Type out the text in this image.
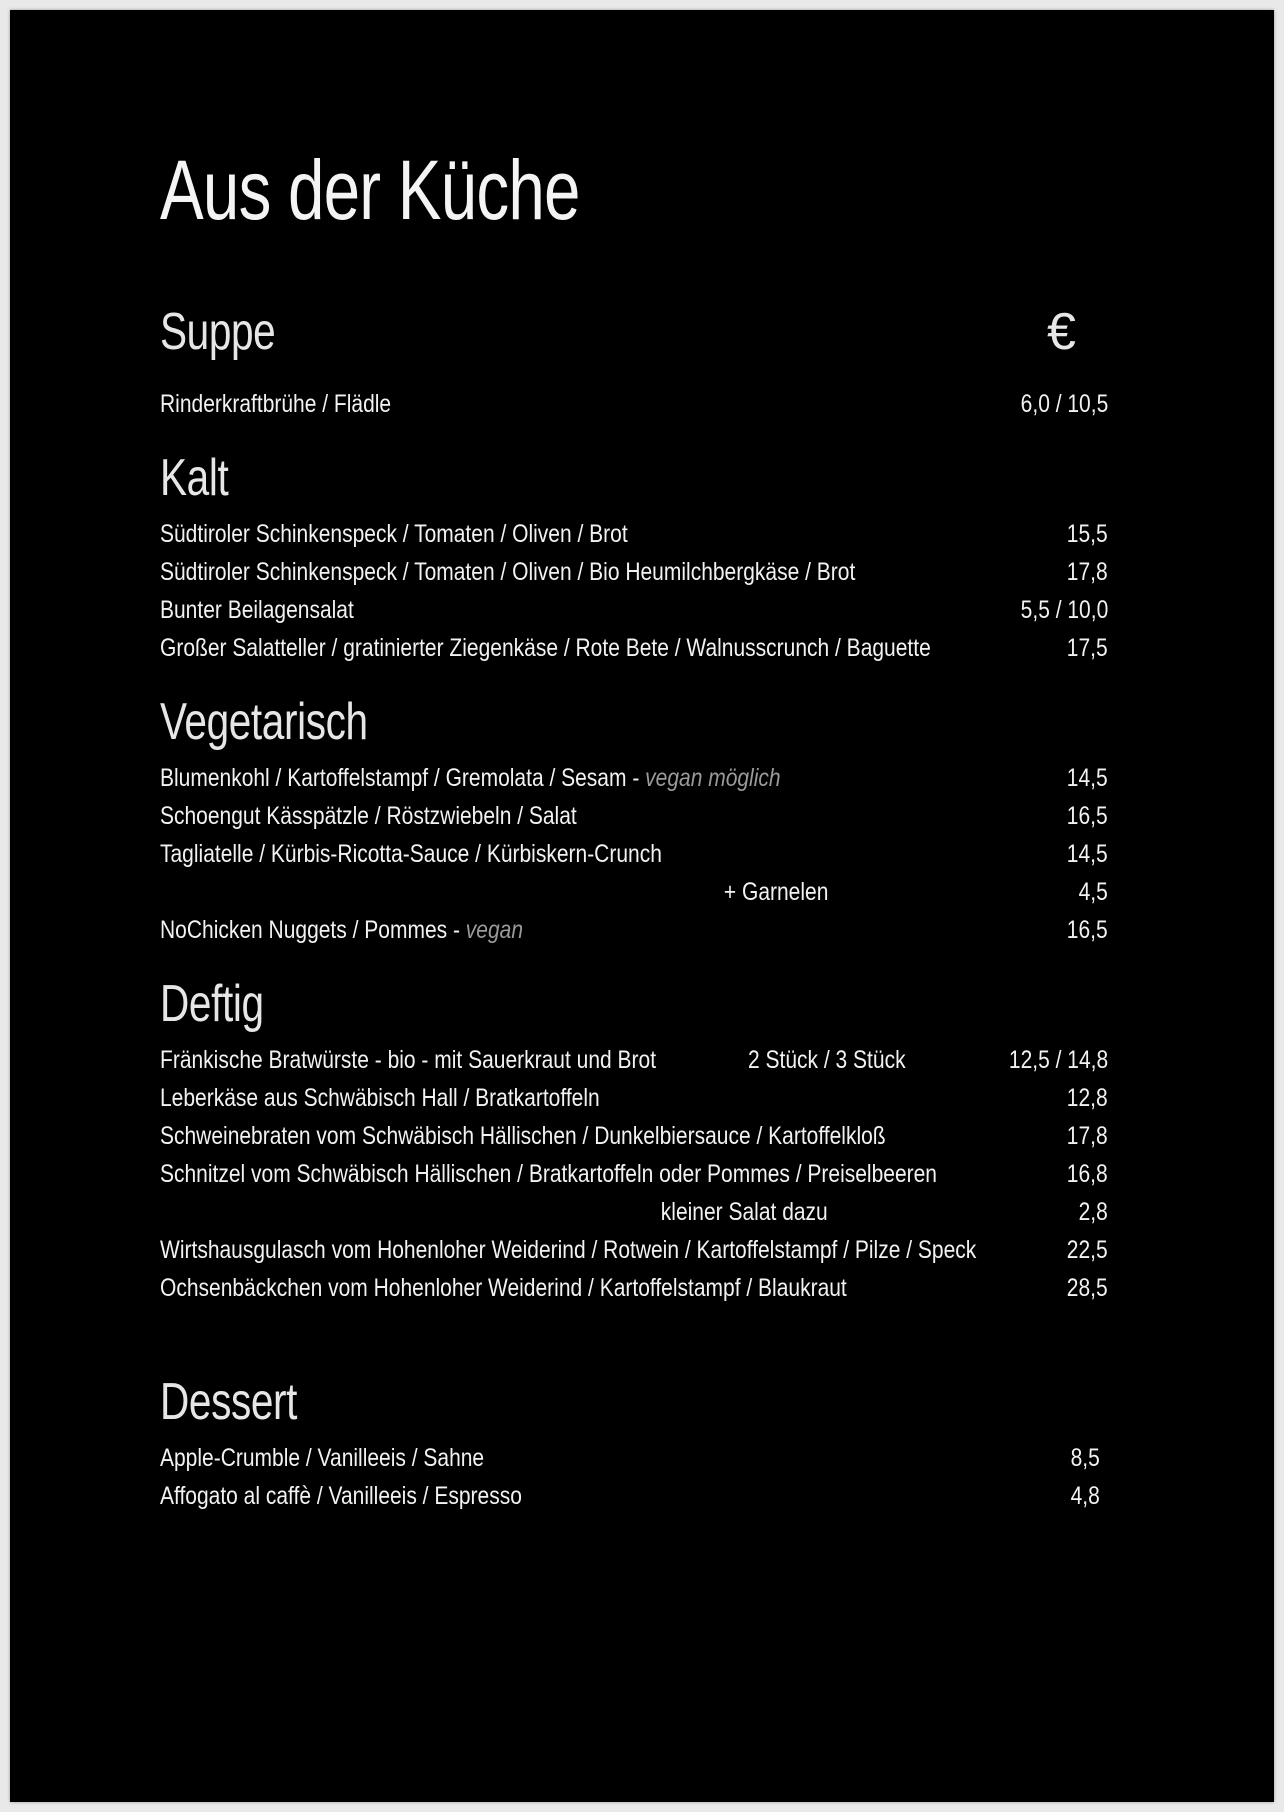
Aus der Küche
Suppe	€
Rinderkraftbrühe / Flädle	6,0 / 10,5
Kalt
Südtiroler Schinkenspeck / Tomaten / Oliven / Brot	15,5
Südtiroler Schinkenspeck / Tomaten / Oliven / Bio Heumilchbergkäse / Brot	17,8
Bunter Beilagensalat	5,5 / 10,0
Großer Salatteller / gratinierter Ziegenkäse / Rote Bete / Walnusscrunch / Baguette	17,5
Vegetarisch
Blumenkohl / Kartoffelstampf / Gremolata / Sesam - vegan möglich	14,5
Schoengut Kässpätzle / Röstzwiebeln / Salat	16,5
Tagliatelle / Kürbis-Ricotta-Sauce / Kürbiskern-Crunch	14,5
+ Garnelen	4,5
NoChicken Nuggets / Pommes - vegan	16,5
Deftig
Fränkische Bratwürste - bio - mit Sauerkraut und Brot	2 Stück / 3 Stück	12,5 / 14,8
Leberkäse aus Schwäbisch Hall / Bratkartoffeln	12,8
Schweinebraten vom Schwäbisch Hällischen / Dunkelbiersauce / Kartoffelkloß	17,8
Schnitzel vom Schwäbisch Hällischen / Bratkartoffeln oder Pommes / Preiselbeeren	16,8
kleiner Salat dazu	2,8
Wirtshausgulasch vom Hohenloher Weiderind / Rotwein / Kartoffelstampf / Pilze / Speck	22,5
Ochsenbäckchen vom Hohenloher Weiderind / Kartoffelstampf / Blaukraut	28,5
Dessert
Apple-Crumble / Vanilleeis / Sahne	8,5
Affogato al caffè / Vanilleeis / Espresso	4,8
